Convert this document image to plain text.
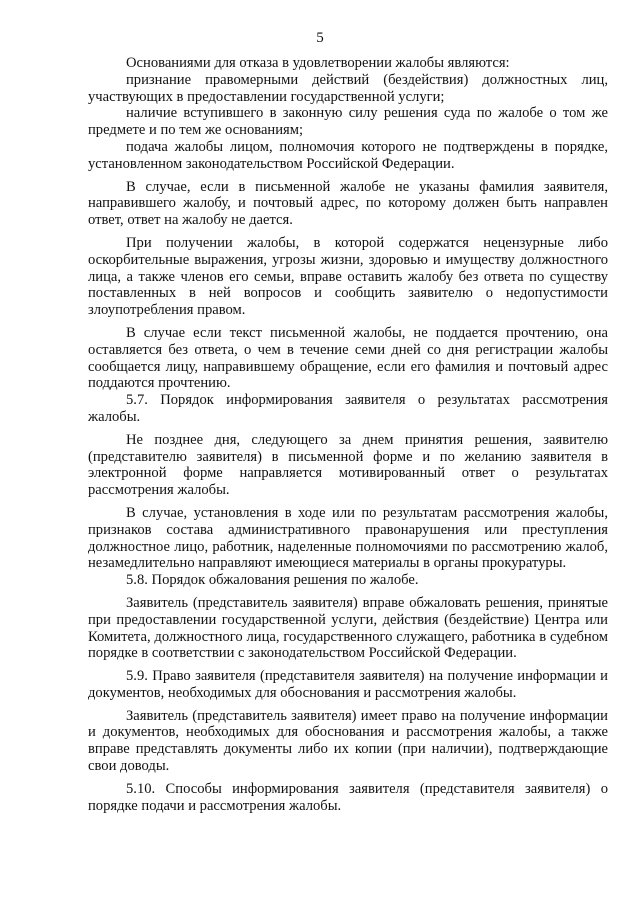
5

Основаниями для отказа в удовлетворении жалобы являются:

признание правомерными действий (бездействия) должностных лиц, участвующих в предоставлении государственной услуги;

наличие вступившего в законную силу решения суда по жалобе о том же предмете и по тем же основаниям;

подача жалобы лицом, полномочия которого не подтверждены в порядке, установленном законодательством Российской Федерации.

В случае, если в письменной жалобе не указаны фамилия заявителя, направившего жалобу, и почтовый адрес, по которому должен быть направлен ответ, ответ на жалобу не дается.

При получении жалобы, в которой содержатся нецензурные либо оскорбительные выражения, угрозы жизни, здоровью и имуществу должностного лица, а также членов его семьи, вправе оставить жалобу без ответа по существу поставленных в ней вопросов и сообщить заявителю о недопустимости злоупотребления правом.

В случае если текст письменной жалобы, не поддается прочтению, она оставляется без ответа, о чем в течение семи дней со дня регистрации жалобы сообщается лицу, направившему обращение, если его фамилия и почтовый адрес поддаются прочтению.

5.7. Порядок информирования заявителя о результатах рассмотрения жалобы.

Не позднее дня, следующего за днем принятия решения, заявителю (представителю заявителя) в письменной форме и по желанию заявителя в электронной форме направляется мотивированный ответ о результатах рассмотрения жалобы.

В случае, установления в ходе или по результатам рассмотрения жалобы, признаков состава административного правонарушения или преступления должностное лицо, работник, наделенные полномочиями по рассмотрению жалоб, незамедлительно направляют имеющиеся материалы в органы прокуратуры.

5.8. Порядок обжалования решения по жалобе.

Заявитель (представитель заявителя) вправе обжаловать решения, принятые при предоставлении государственной услуги, действия (бездействие) Центра или Комитета, должностного лица, государственного служащего, работника в судебном порядке в соответствии с законодательством Российской Федерации.

5.9. Право заявителя (представителя заявителя) на получение информации и документов, необходимых для обоснования и рассмотрения жалобы.

Заявитель (представитель заявителя) имеет право на получение информации и документов, необходимых для обоснования и рассмотрения жалобы, а также вправе представлять документы либо их копии (при наличии), подтверждающие свои доводы.

5.10. Способы информирования заявителя (представителя заявителя) о порядке подачи и рассмотрения жалобы.
